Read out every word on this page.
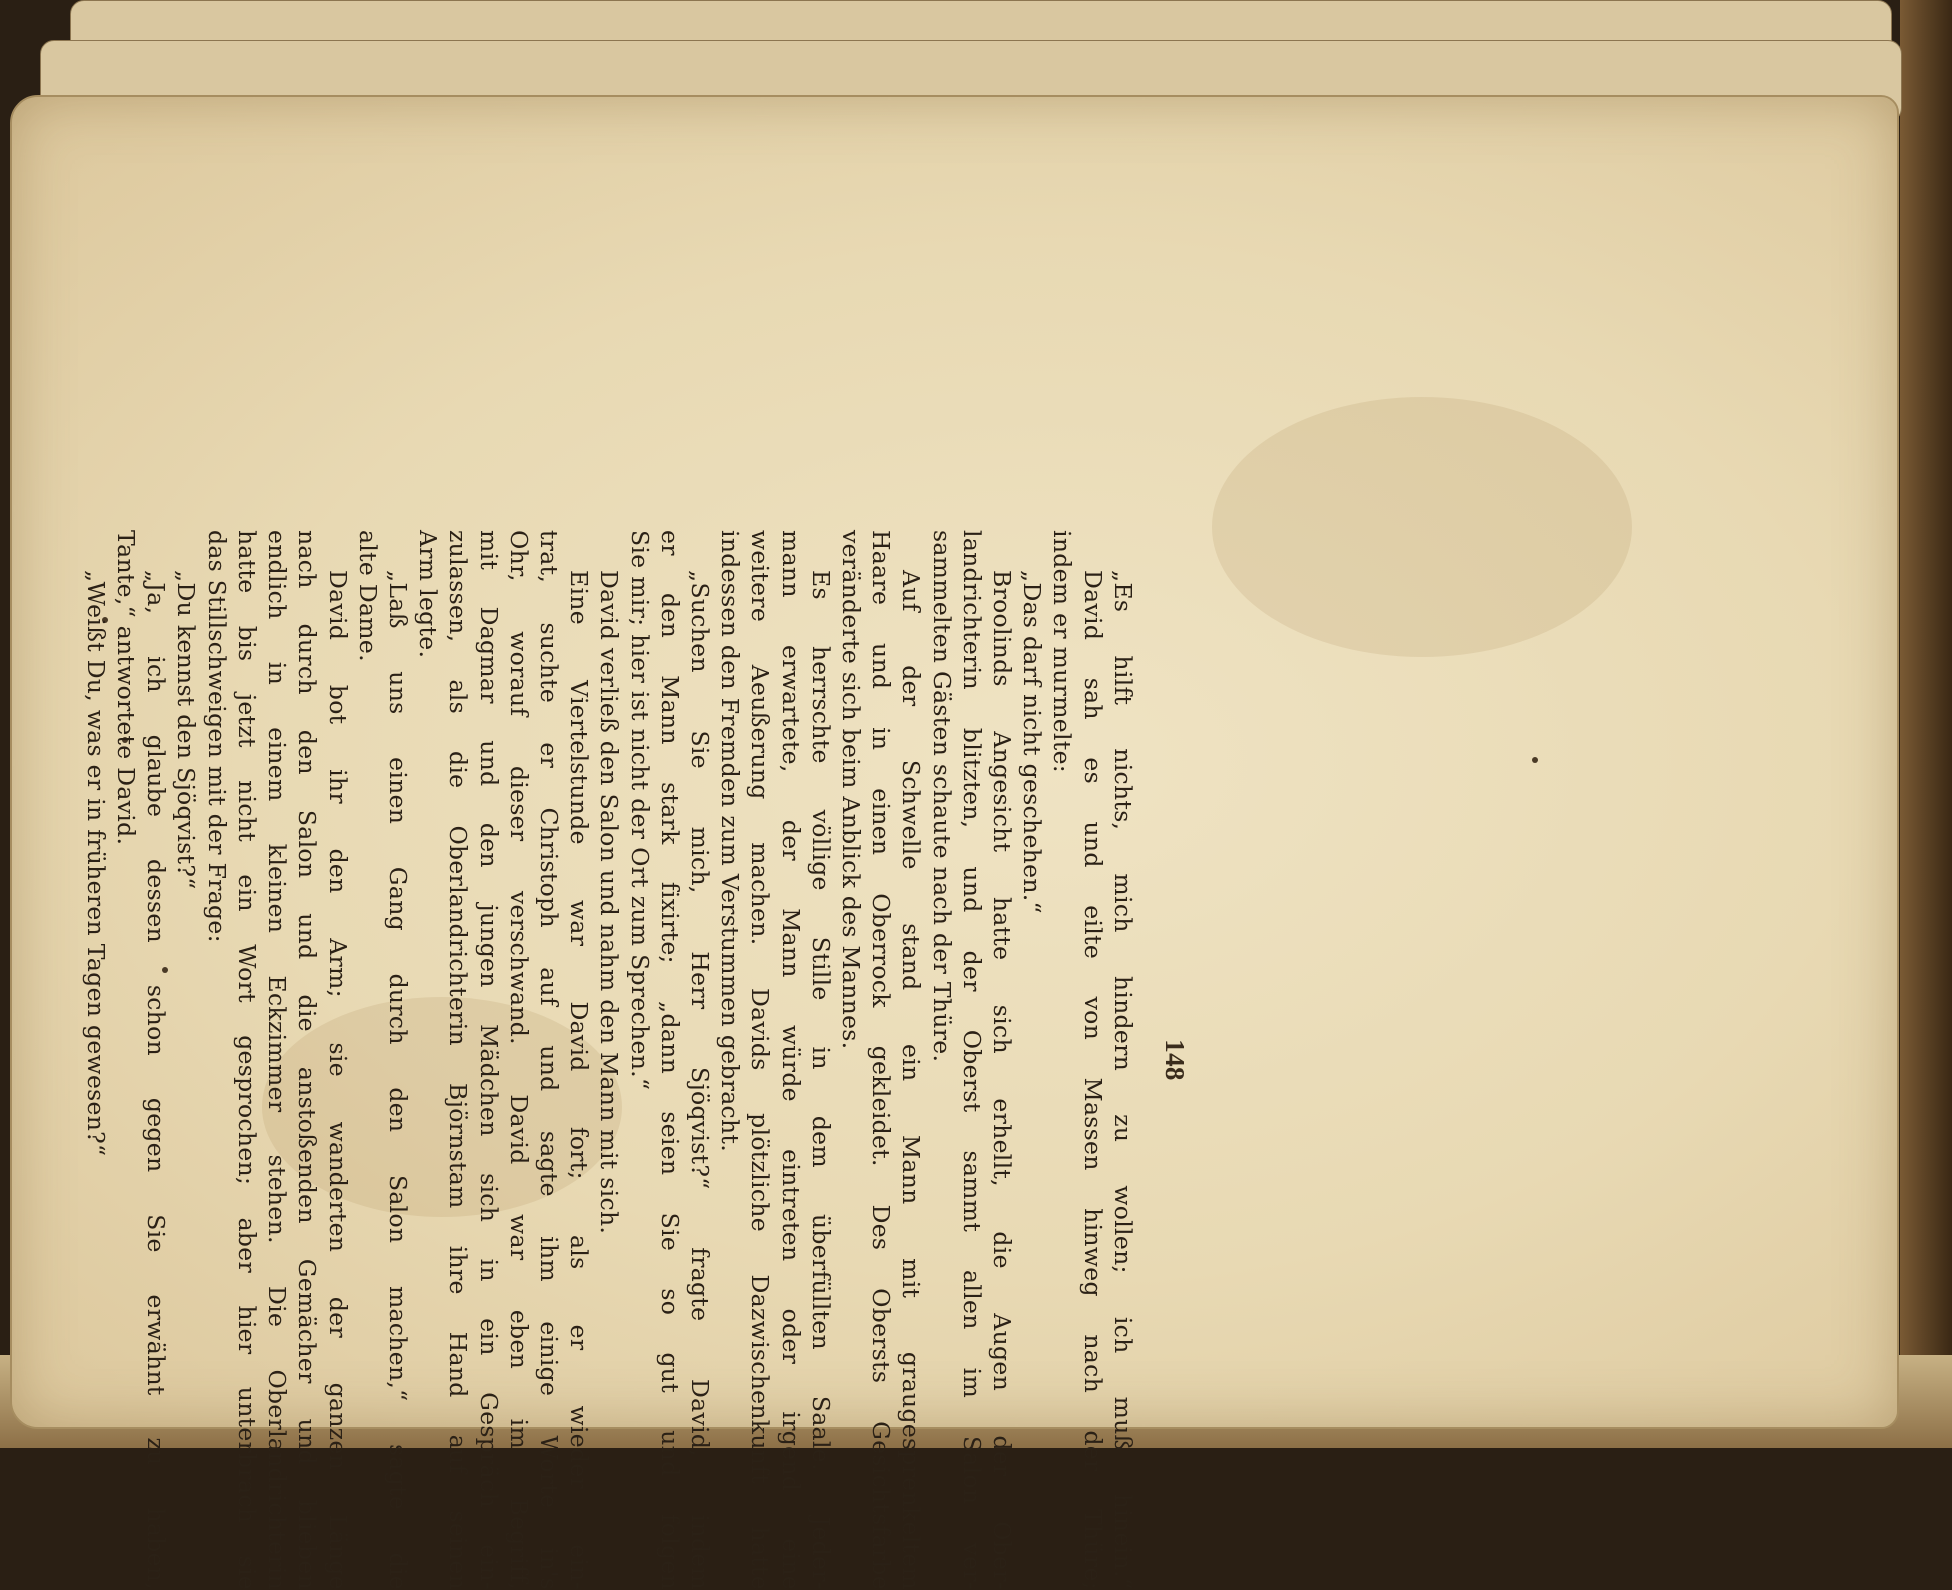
148
„Es hilft nichts, mich hindern zu wollen; ich muß hinein.“
David sah es und eilte von Massen hinweg nach der Thüre;
indem er murmelte:
„Das darf nicht geschehen.“
Broolinds Angesicht hatte sich erhellt, die Augen der Ober-
landrichterin blitzten, und der Oberst sammt allen im Salon ver-
sammelten Gästen schaute nach der Thüre.
Auf der Schwelle stand ein Mann mit graugesprenkeltem
Haare und in einen Oberrock gekleidet. Des Obersts Gesichtsfarbe
veränderte sich beim Anblick des Mannes.
Es herrschte völlige Stille in dem überfüllten Saale. Jeder-
mann erwartete, der Mann würde eintreten oder irgend eine
weitere Aeußerung machen. Davids plötzliche Dazwischenkunft hatte
indessen den Fremden zum Verstummen gebracht.
„Suchen Sie mich, Herr Sjöqvist?“ fragte David, indem
er den Mann stark fixirte; „dann seien Sie so gut und folgen
Sie mir; hier ist nicht der Ort zum Sprechen.“
David verließ den Salon und nahm den Mann mit sich.
Eine Viertelstunde war David fort; als er wieder ein-
trat, suchte er Christoph auf und sagte ihm einige Worte in's
Ohr, worauf dieser verschwand. David war eben im Begriff,
mit Dagmar und den jungen Mädchen sich in ein Gespräch ein-
zulassen, als die Oberlandrichterin Björnstam ihre Hand auf seinen
Arm legte.
„Laß uns einen Gang durch den Salon machen,“ sagte die
alte Dame.
David bot ihr den Arm; sie wanderten der ganzen Länge
nach durch den Salon und die anstoßenden Gemächer und blieben
endlich in einem kleinen Eckzimmer stehen. Die Oberlandrichterin
hatte bis jetzt nicht ein Wort gesprochen; aber hier unterbrach sie
das Stillschweigen mit der Frage:
„Du kennst den Sjöqvist?“
„Ja, ich glaube dessen schon gegen Sie erwähnt zu haben,
Tante,“ antwortete David.
„Weißt Du, was er in früheren Tagen gewesen?“
